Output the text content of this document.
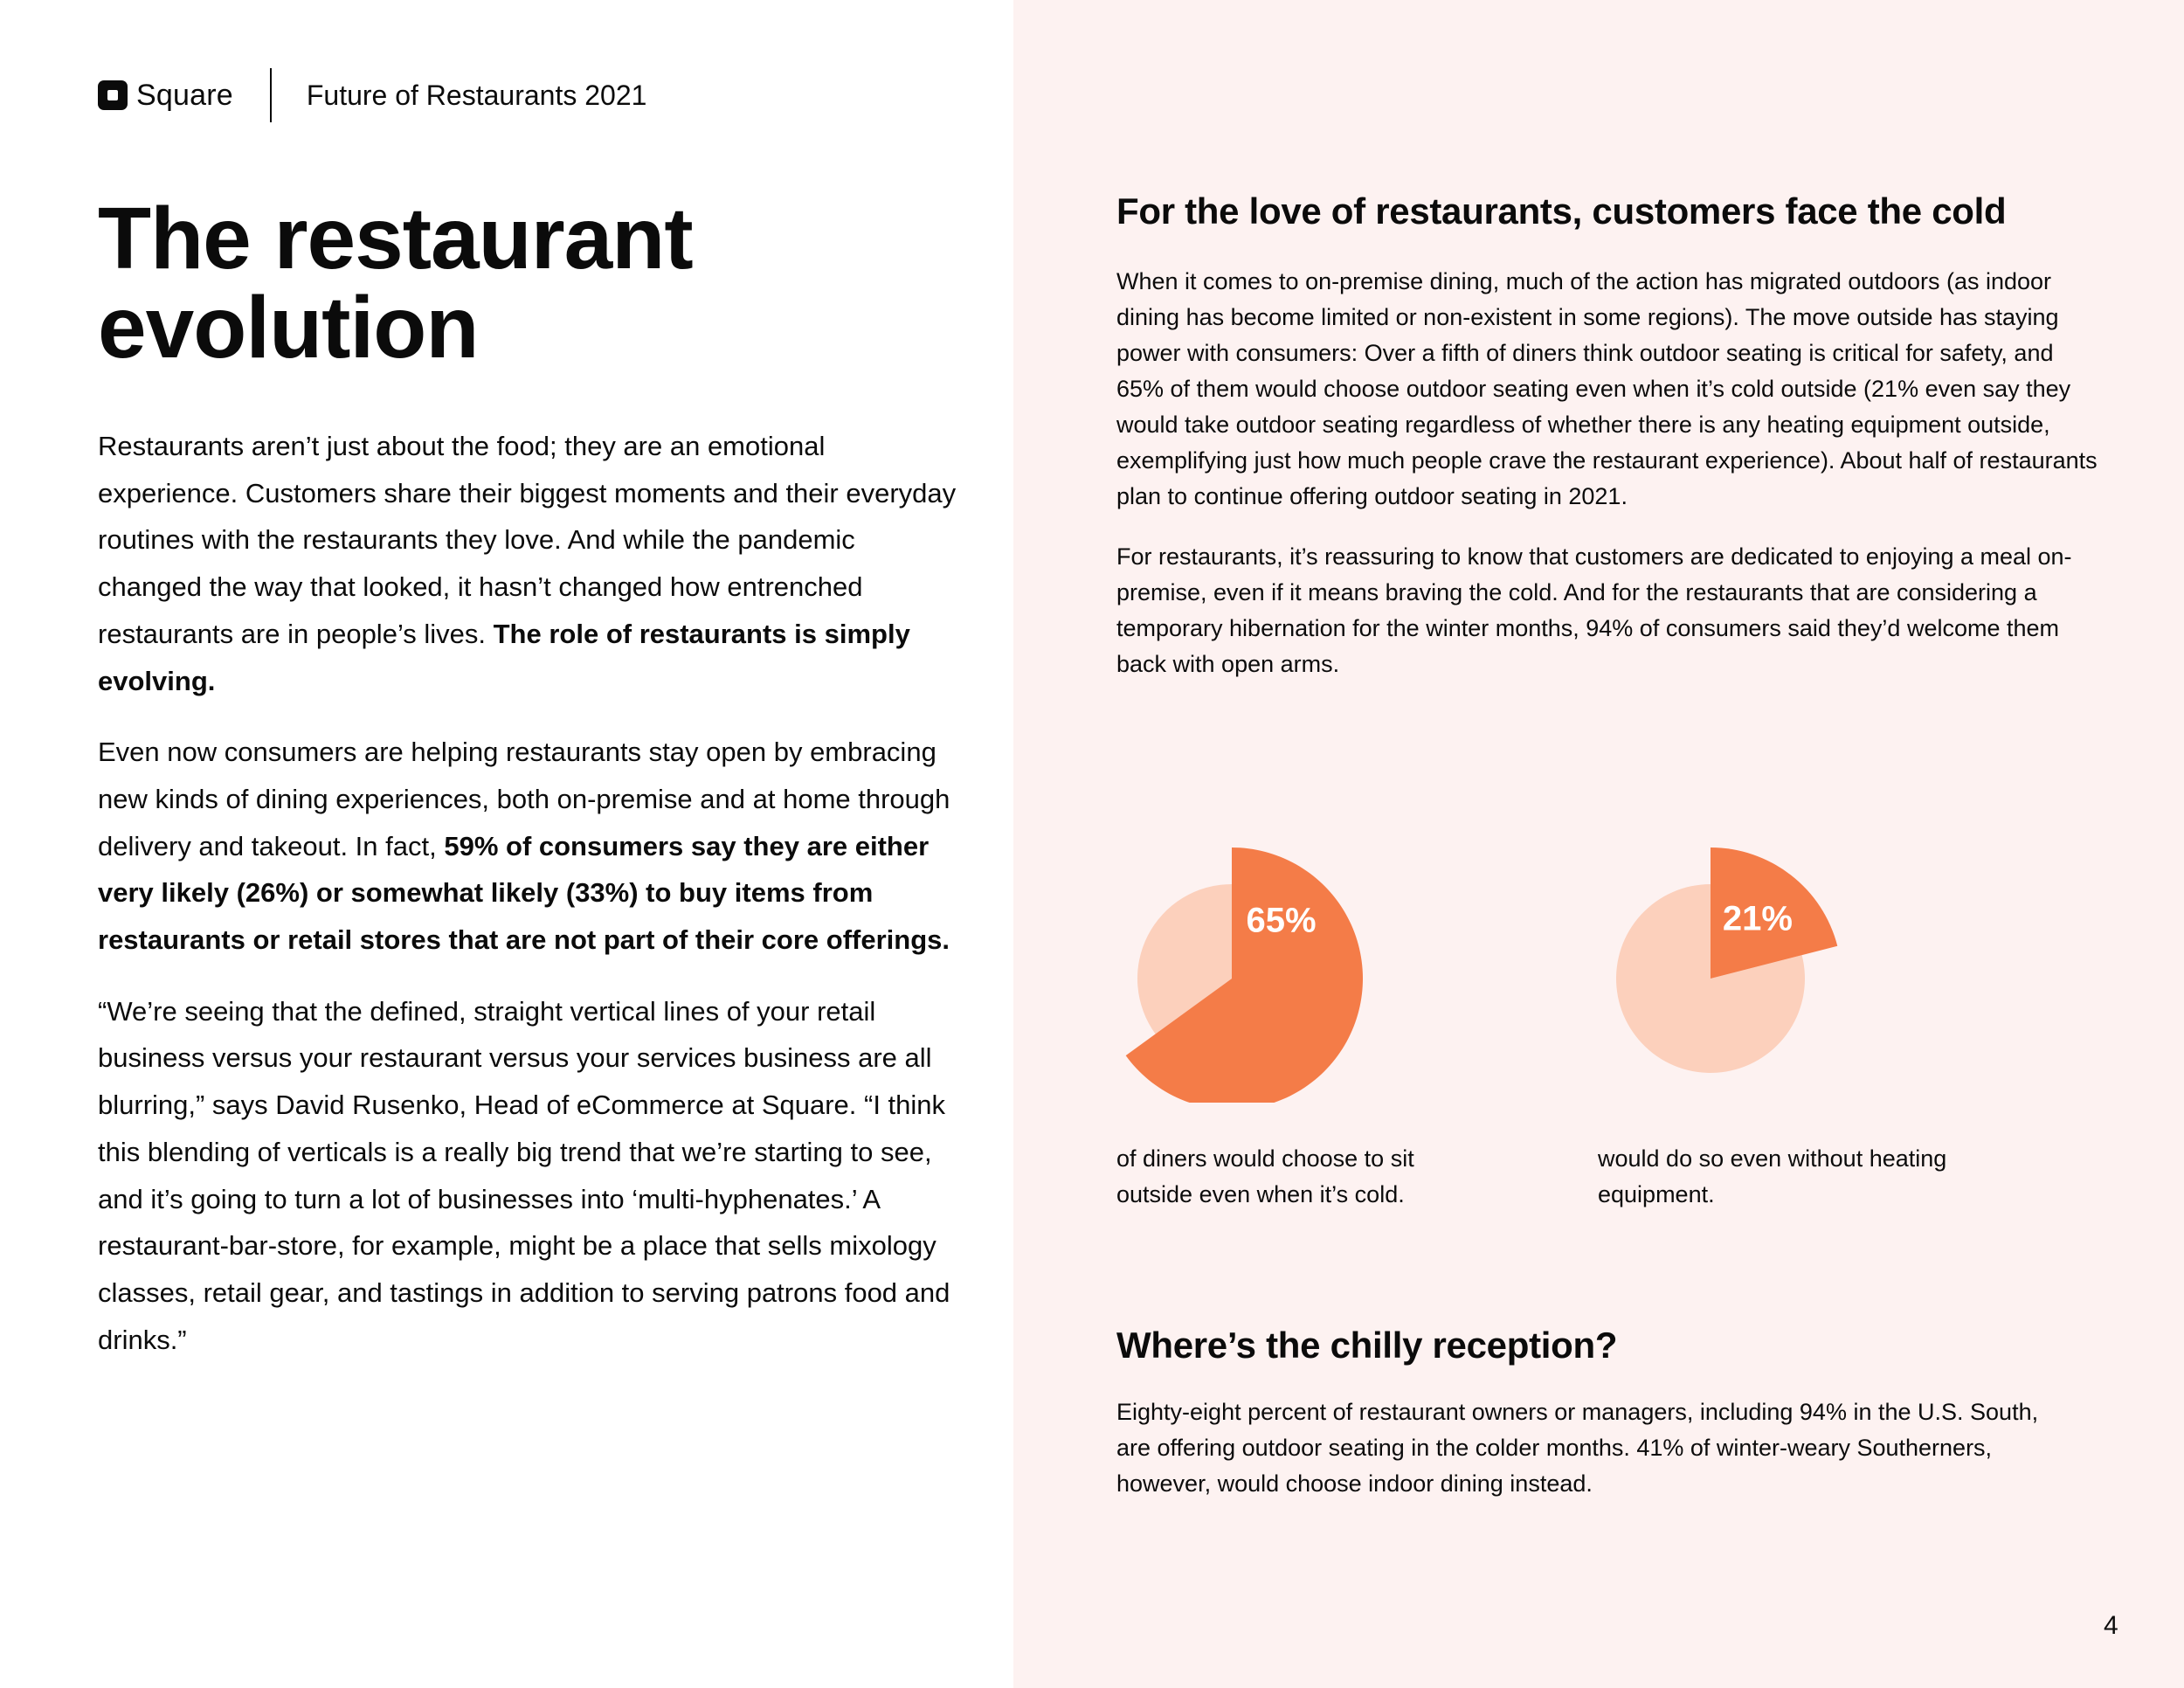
Square	Future of Restaurants 2021
The restaurant evolution

Restaurants aren’t just about the food; they are an emotional experience. Customers share their biggest moments and their everyday routines with the restaurants they love. And while the pandemic changed the way that looked, it hasn’t changed how entrenched restaurants are in people’s lives. The role of restaurants is simply evolving.

Even now consumers are helping restaurants stay open by embracing new kinds of dining experiences, both on-premise and at home through delivery and takeout. In fact, 59% of consumers say they are either very likely (26%) or somewhat likely (33%) to buy items from restaurants or retail stores that are not part of their core offerings.

“We’re seeing that the defined, straight vertical lines of your retail business versus your restaurant versus your services business are all blurring,” says David Rusenko, Head of eCommerce at Square. “I think this blending of verticals is a really big trend that we’re starting to see, and it’s going to turn a lot of businesses into ‘multi-hyphenates.’ A restaurant-bar-store, for example, might be a place that sells mixology classes, retail gear, and tastings in addition to serving patrons food and drinks.”

For the love of restaurants, customers face the cold

When it comes to on-premise dining, much of the action has migrated outdoors (as indoor dining has become limited or non-existent in some regions). The move outside has staying power with consumers: Over a fifth of diners think outdoor seating is critical for safety, and 65% of them would choose outdoor seating even when it’s cold outside (21% even say they would take outdoor seating regardless of whether there is any heating equipment outside, exemplifying just how much people crave the restaurant experience). About half of restaurants plan to continue offering outdoor seating in 2021.

For restaurants, it’s reassuring to know that customers are dedicated to enjoying a meal on-premise, even if it means braving the cold. And for the restaurants that are considering a temporary hibernation for the winter months, 94% of consumers said they’d welcome them back with open arms.

65%	21%

of diners would choose to sit outside even when it’s cold.

would do so even without heating equipment.

Where’s the chilly reception?

Eighty-eight percent of restaurant owners or managers, including 94% in the U.S. South, are offering outdoor seating in the colder months. 41% of winter-weary Southerners, however, would choose indoor dining instead.

4
